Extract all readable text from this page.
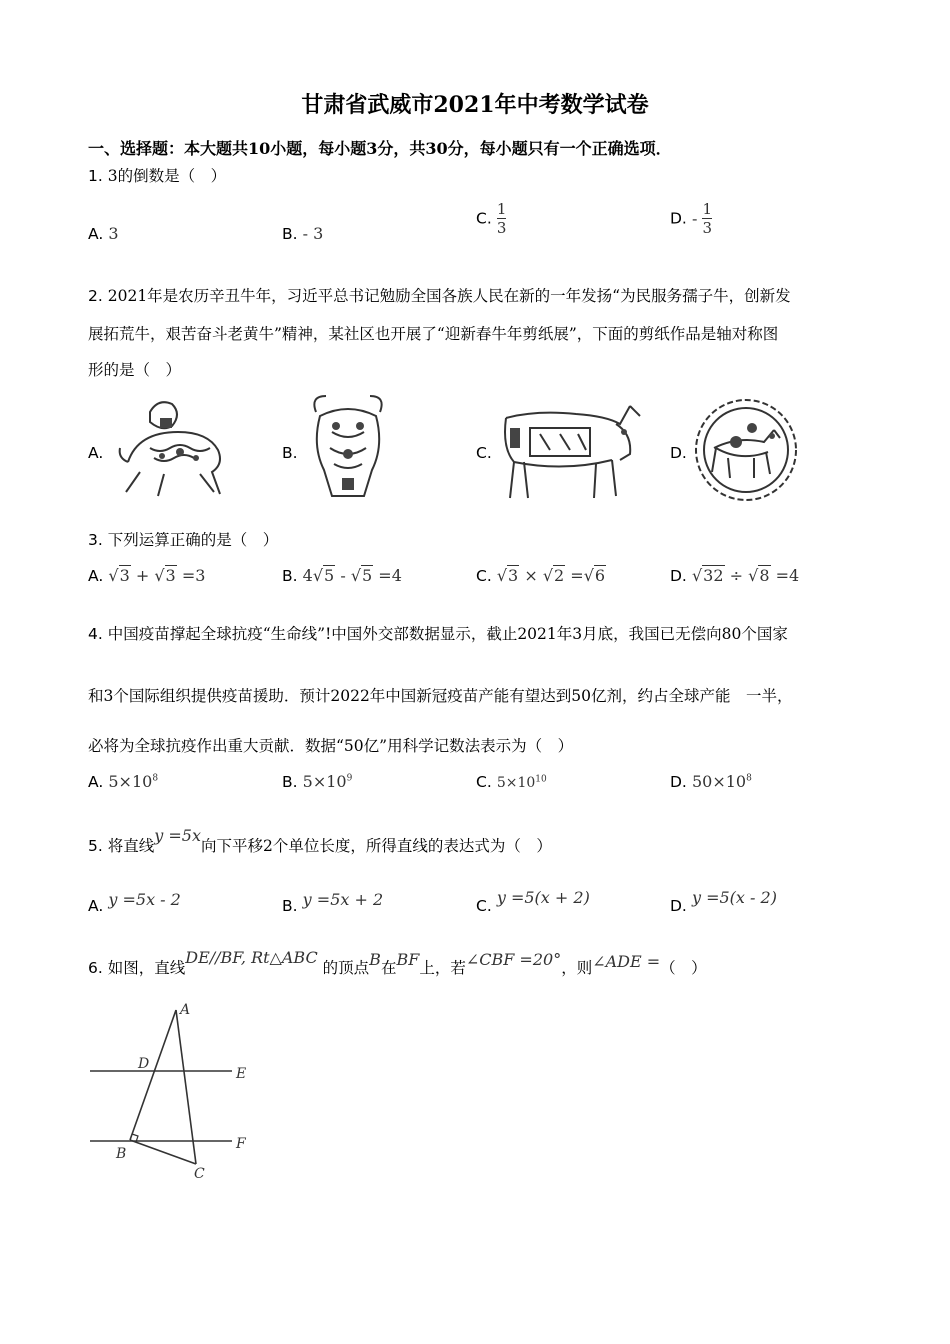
甘肃省武威市2021年中考数学试卷
一、选择题：本大题共10小题，每小题3分，共30分，每小题只有一个正确选项．
1. 3的倒数是（　）
A. 3	B. - 3
C. $\frac{1}{3}$	D. - $\frac{1}{3}$
2. 2021年是农历辛丑牛年，习近平总书记勉励全国各族人民在新的一年发扬“为民服务孺子牛，创新发
展拓荒牛，艰苦奋斗老黄牛”精神，某社区也开展了“迎新春牛年剪纸展”，下面的剪纸作品是轴对称图
形的是（　）
A.	B.	C.	D.
3. 下列运算正确的是（　）
A. √3 + √3 =3	B. 4√5 - √5 =4	C. √3 × √2 =√6	D. √32 ÷ √8 =4
4. 中国疫苗撑起全球抗疫“生命线”!中国外交部数据显示，截止2021年3月底，我国已无偿向80个国家
和3个国际组织提供疫苗援助．预计2022年中国新冠疫苗产能有望达到50亿剂，约占全球产能　一半，
必将为全球抗疫作出重大贡献．数据“50亿”用科学记数法表示为（　）
A. $5\times 10^8$	B. $5\times 10^9$	C. $5\times 10^{10}$	D. $50\times 10^8$
5. 将直线y =5x向下平移2个单位长度，所得直线的表达式为（　）
A. y =5x - 2	B. y =5x + 2	C. y =5(x + 2)	D. y =5(x - 2)
6. 如图，直线DE//BF, Rt△ABC 的顶点B在BF上，若∠CBF =20°，则∠ADE =（　）
A
D
E
B
F
C
